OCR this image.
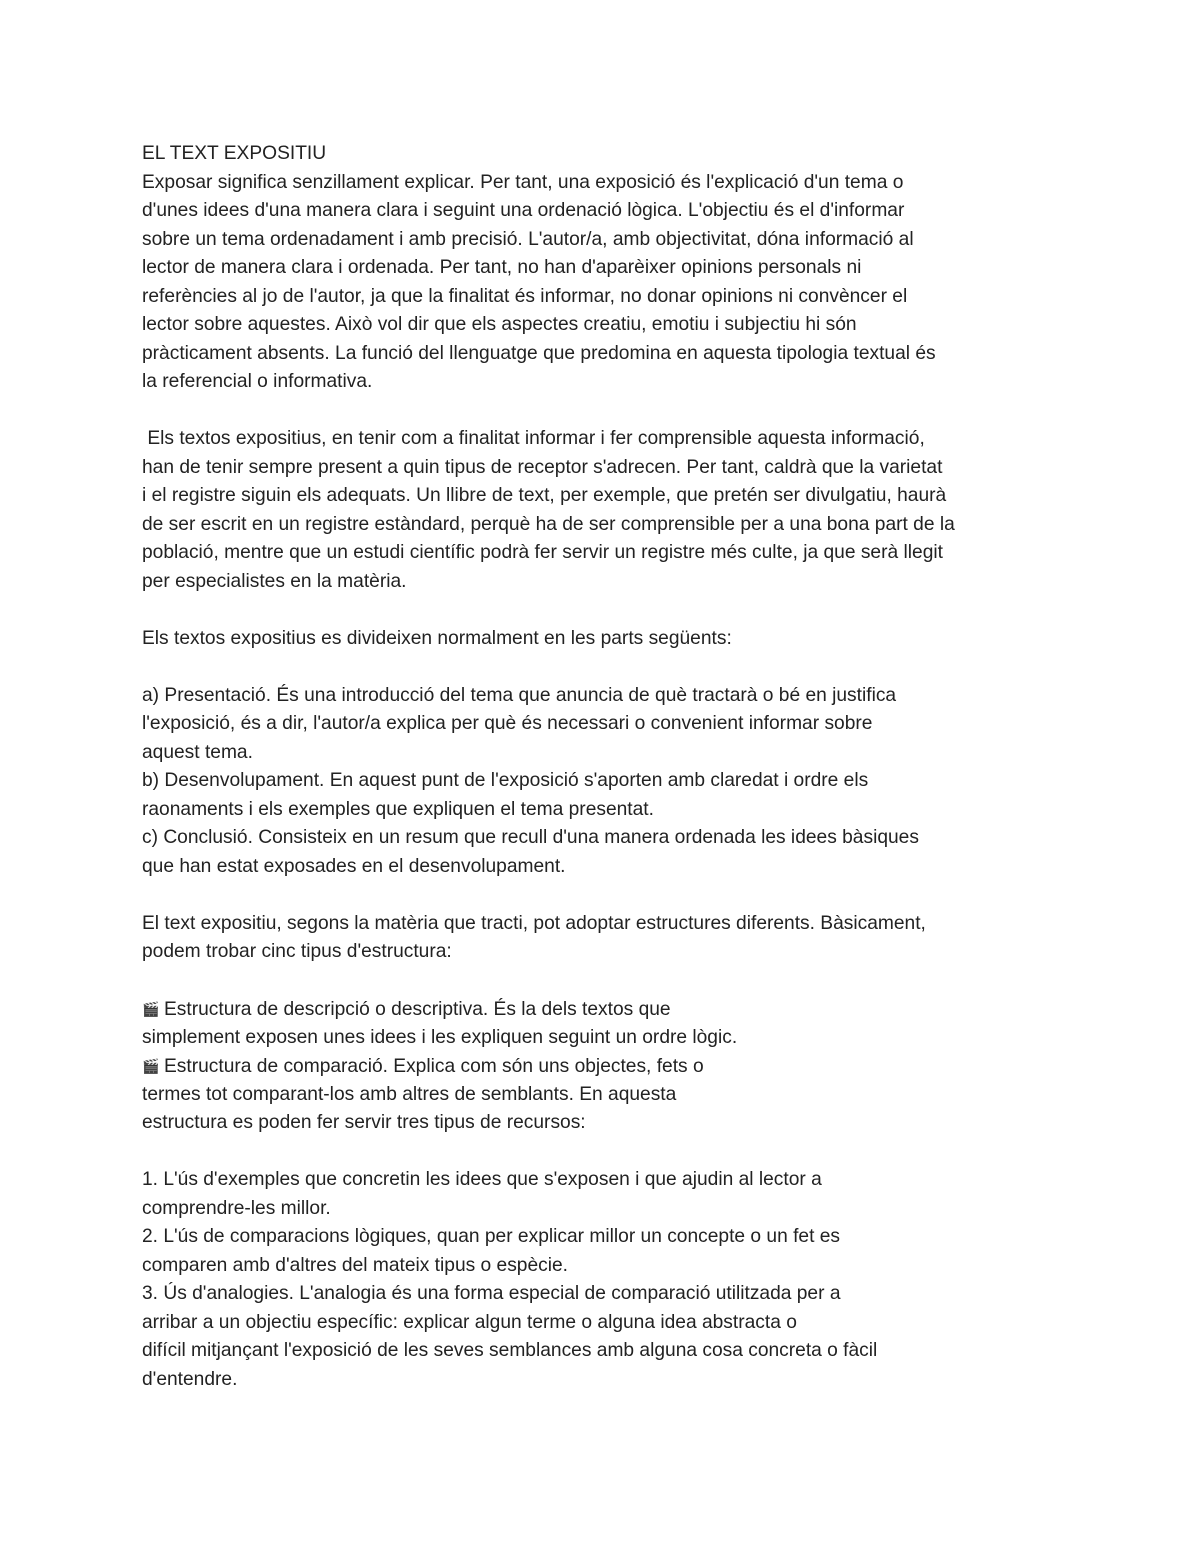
EL TEXT EXPOSITIU
Exposar significa senzillament explicar. Per tant, una exposició és l'explicació d'un tema o
d'unes idees d'una manera clara i seguint una ordenació lògica. L'objectiu és el d'informar
sobre un tema ordenadament i amb precisió. L'autor/a, amb objectivitat, dóna informació al
lector de manera clara i ordenada. Per tant, no han d'aparèixer opinions personals ni
referències al jo de l'autor, ja que la finalitat és informar, no donar opinions ni convèncer el
lector sobre aquestes. Això vol dir que els aspectes creatiu, emotiu i subjectiu hi són
pràcticament absents. La funció del llenguatge que predomina en aquesta tipologia textual és
la referencial o informativa.
Els textos expositius, en tenir com a finalitat informar i fer comprensible aquesta informació,
han de tenir sempre present a quin tipus de receptor s'adrecen. Per tant, caldrà que la varietat
i el registre siguin els adequats. Un llibre de text, per exemple, que pretén ser divulgatiu, haurà
de ser escrit en un registre estàndard, perquè ha de ser comprensible per a una bona part de la
població, mentre que un estudi científic podrà fer servir un registre més culte, ja que serà llegit
per especialistes en la matèria.
Els textos expositius es divideixen normalment en les parts següents:
a) Presentació. És una introducció del tema que anuncia de què tractarà o bé en justifica
l'exposició, és a dir, l'autor/a explica per què és necessari o convenient informar sobre
aquest tema.
b) Desenvolupament. En aquest punt de l'exposició s'aporten amb claredat i ordre els
raonaments i els exemples que expliquen el tema presentat.
c) Conclusió. Consisteix en un resum que recull d'una manera ordenada les idees bàsiques
que han estat exposades en el desenvolupament.
El text expositiu, segons la matèria que tracti, pot adoptar estructures diferents. Bàsicament,
podem trobar cinc tipus d'estructura:
🎬 Estructura de descripció o descriptiva. És la dels textos que
simplement exposen unes idees i les expliquen seguint un ordre lògic.
🎬 Estructura de comparació. Explica com són uns objectes, fets o
termes tot comparant-los amb altres de semblants. En aquesta
estructura es poden fer servir tres tipus de recursos:
1. L'ús d'exemples que concretin les idees que s'exposen i que ajudin al lector a
comprendre-les millor.
2. L'ús de comparacions lògiques, quan per explicar millor un concepte o un fet es
comparen amb d'altres del mateix tipus o espècie.
3. Ús d'analogies. L'analogia és una forma especial de comparació utilitzada per a
arribar a un objectiu específic: explicar algun terme o alguna idea abstracta o
difícil mitjançant l'exposició de les seves semblances amb alguna cosa concreta o fàcil
d'entendre.
